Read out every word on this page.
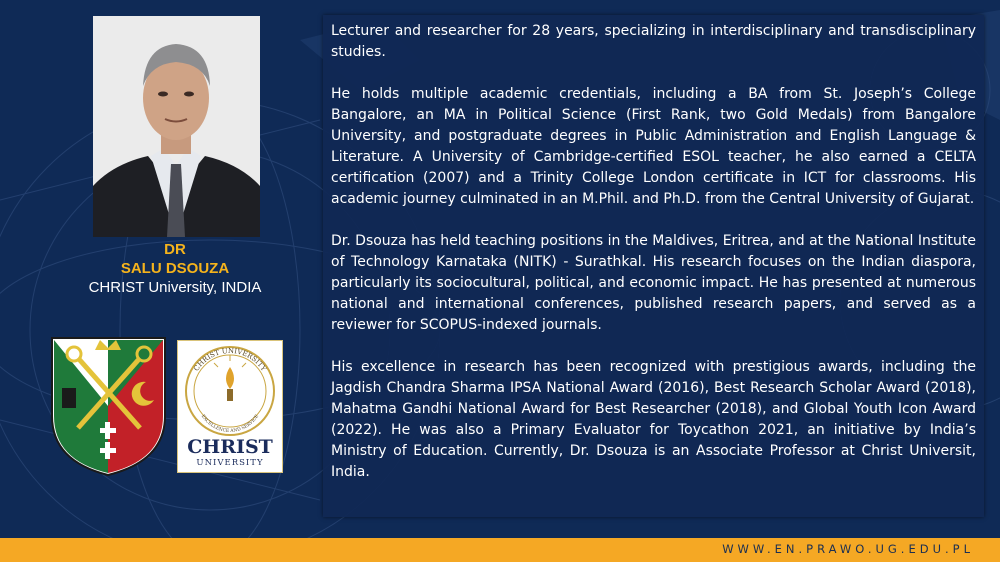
DR
SALU DSOUZA
CHRIST University, INDIA
CHRIST UNIVERSITY
EXCELLENCE AND SERVICE
CHRIST
UNIVERSITY

Lecturer and researcher for 28 years, specializing in interdisciplinary and transdisciplinary studies.

He holds multiple academic credentials, including a BA from St. Joseph’s College Bangalore, an MA in Political Science (First Rank, two Gold Medals) from Bangalore University, and postgraduate degrees in Public Administration and English Language & Literature. A University of Cambridge-certified ESOL teacher, he also earned a CELTA certification (2007) and a Trinity College London certificate in ICT for classrooms. His academic journey culminated in an M.Phil. and Ph.D. from the Central University of Gujarat.

Dr. Dsouza has held teaching positions in the Maldives, Eritrea, and at the National Institute of Technology Karnataka (NITK) - Surathkal. His research focuses on the Indian diaspora, particularly its sociocultural, political, and economic impact. He has presented at numerous national and international conferences, published research papers, and served as a reviewer for SCOPUS-indexed journals.

His excellence in research has been recognized with prestigious awards, including the Jagdish Chandra Sharma IPSA National Award (2016), Best Research Scholar Award (2018), Mahatma Gandhi National Award for Best Researcher (2018), and Global Youth Icon Award (2022). He was also a Primary Evaluator for Toycathon 2021, an initiative by India’s Ministry of Education. Currently, Dr. Dsouza is an Associate Professor at Christ Universit, India.

WWW.EN.PRAWO.UG.EDU.PL
